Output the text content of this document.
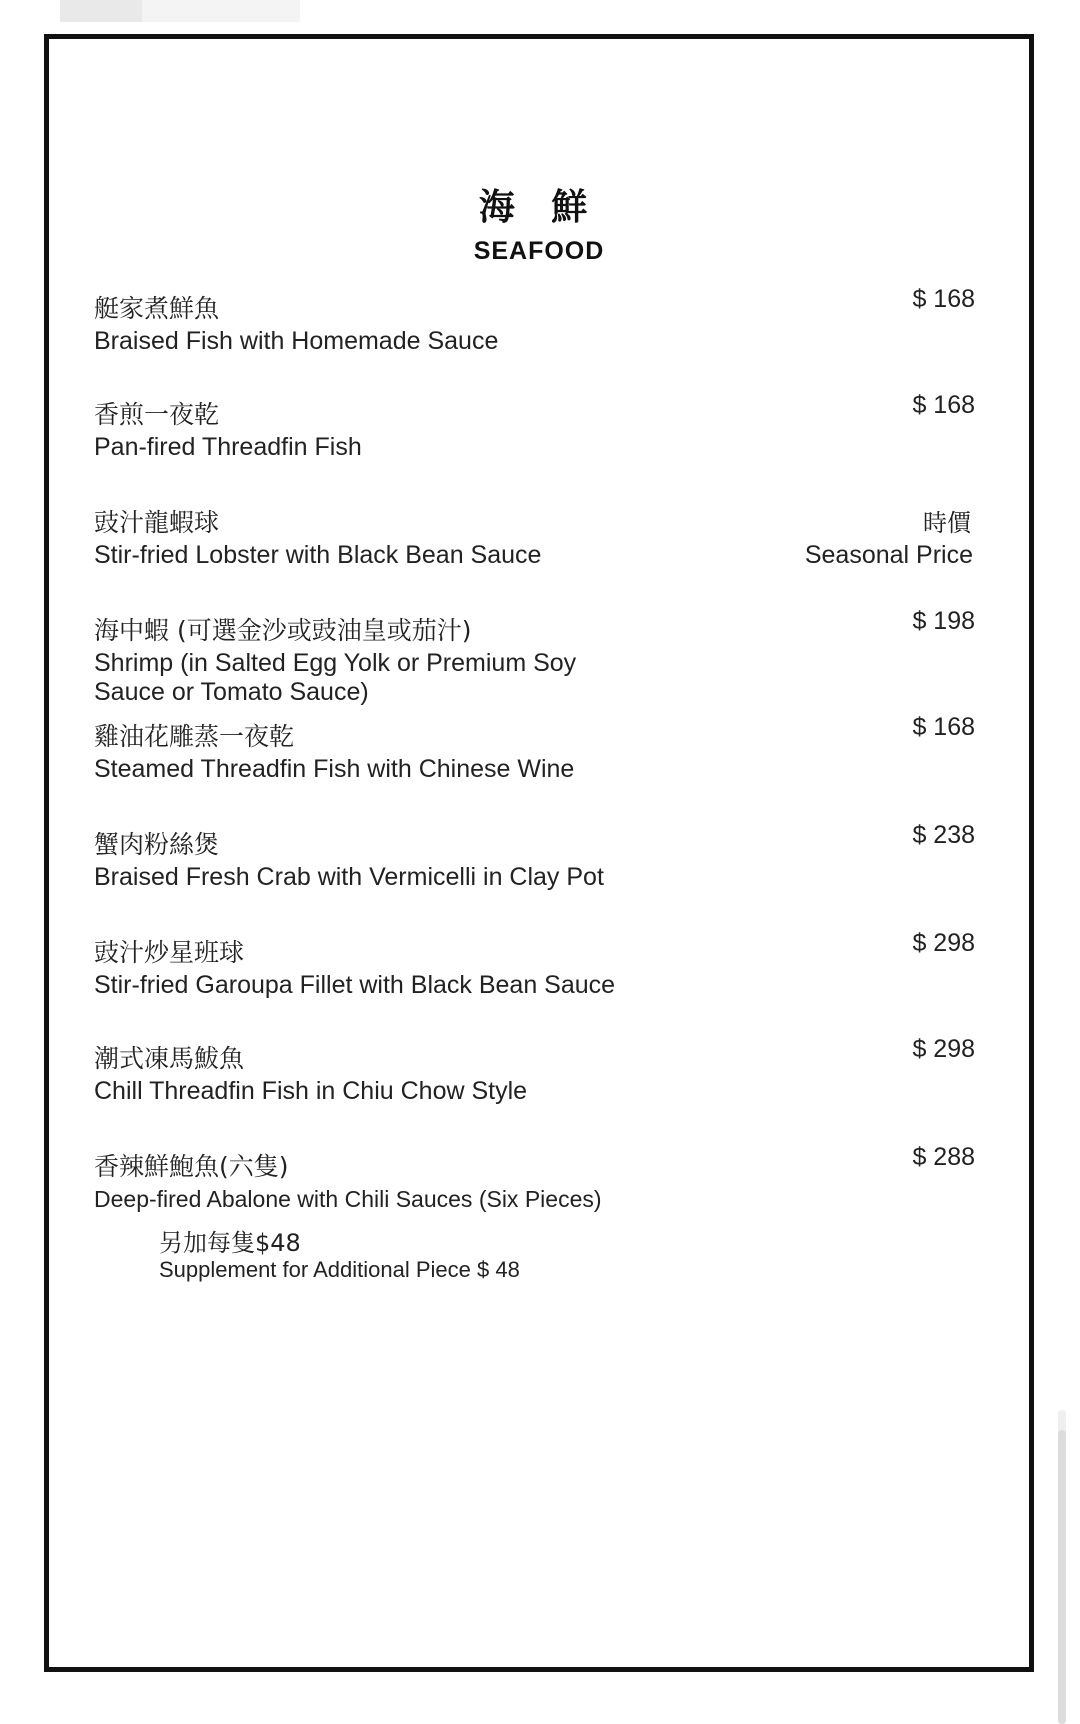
海 鮮
SEAFOOD
艇家煮鮮魚
Braised Fish with Homemade Sauce
$ 168
香煎一夜乾
Pan-fired Threadfin Fish
$ 168
豉汁龍蝦球
Stir-fried Lobster with Black Bean Sauce
時價
Seasonal Price
海中蝦 (可選金沙或豉油皇或茄汁)
Shrimp (in Salted Egg Yolk or Premium Soy
Sauce or Tomato Sauce)
$ 198
雞油花雕蒸一夜乾
Steamed Threadfin Fish with Chinese Wine
$ 168
蟹肉粉絲煲
Braised Fresh Crab with Vermicelli in Clay Pot
$ 238
豉汁炒星班球
Stir-fried Garoupa Fillet with Black Bean Sauce
$ 298
潮式凍馬鮁魚
Chill Threadfin Fish in Chiu Chow Style
$ 298
香辣鮮鮑魚(六隻)
Deep-fired Abalone with Chili Sauces (Six Pieces)
$ 288
另加每隻$48
Supplement for Additional Piece $ 48
